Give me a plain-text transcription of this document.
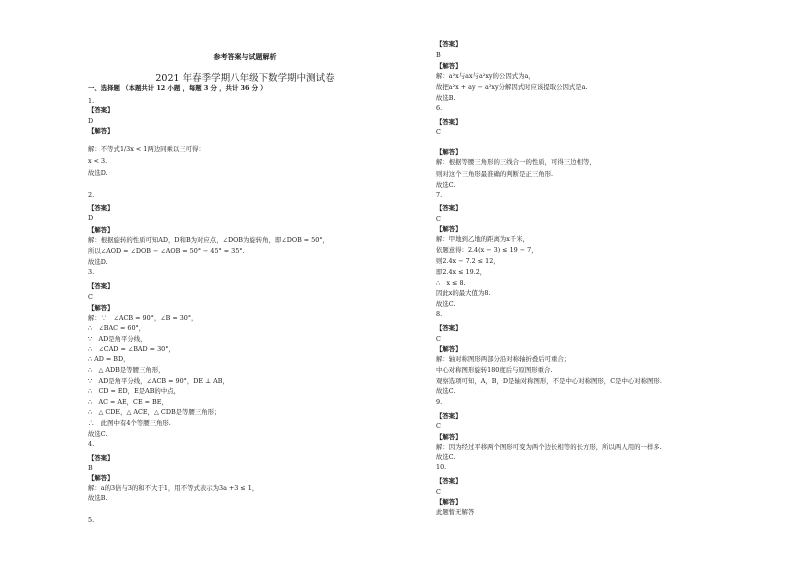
参考答案与试题解析
2021 年春季学期八年级下数学期中测试卷
一、选择题 （本题共计 12 小题 ，每题 3 分 ，共计 36 分 ）
1.
【答案】
D
【解答】
解：不等式1/3x < 1两边同乘以三可得：
x < 3.
故选D.
2.
【答案】
D
【解答】
解：根据旋转的性质可知AD，D和B为对应点，∠DOB为旋转角，即∠DOB = 50°，
所以∠AOD = ∠DOB − ∠AOB = 50° − 45° = 35°.
故选D.
3.
【答案】
C
【解答】
解：∵　∠ACB = 90°，∠B = 30°，
∴　∠BAC = 60°，
∵　AD是角平分线，
∴　∠CAD = ∠BAD = 30°，
∴ AD = BD，
∴　△ ADB是等腰三角形，
∵　AD是角平分线，∠ACB = 90°，DE ⊥ AB，
∴　CD = ED，E是AB的中点，
∴　AC = AE，CE = BE，
∴　△ CDE，△ ACE，△ CDB是等腰三角形；
∴　此图中有4个等腰三角形.
故选C.
4.
【答案】
B
【解答】
解：a的3倍与3的和不大于1，用不等式表示为3a +3 ≤ 1，
故选B.
5.
【答案】
B
【解答】
解：a²x与ax与a²xy的公因式为a，
故把a²x + ay − a²xy分解因式时应该提取公因式是a.
故选B.
6.
【答案】
C
【解答】
解：根据等腰三角形的三线合一的性质，可得三边相等，
则对这个三角形最准确的判断是正三角形.
故选C.
7.
【答案】
C
【解答】
解：甲地到乙地的距离为x千米，
依题意得：2.4(x − 3) ≤ 19 − 7，
则2.4x − 7.2 ≤ 12，
即2.4x ≤ 19.2，
∴　x ≤ 8.
因此x的最大值为8.
故选C.
8.
【答案】
C
【解答】
解：轴对称图形两部分沿对称轴折叠后可重合；
中心对称图形旋转180度后与原图形重合.
观察选项可知，A，B，D是轴对称图形，不是中心对称图形，C是中心对称图形.
故选C.
9.
【答案】
C
【解答】
解：因为经过平移两个图形可变为两个边长相等的长方形，所以两人用的一样多.
故选C.
10.
【答案】
C
【解答】
此题暂无解答
